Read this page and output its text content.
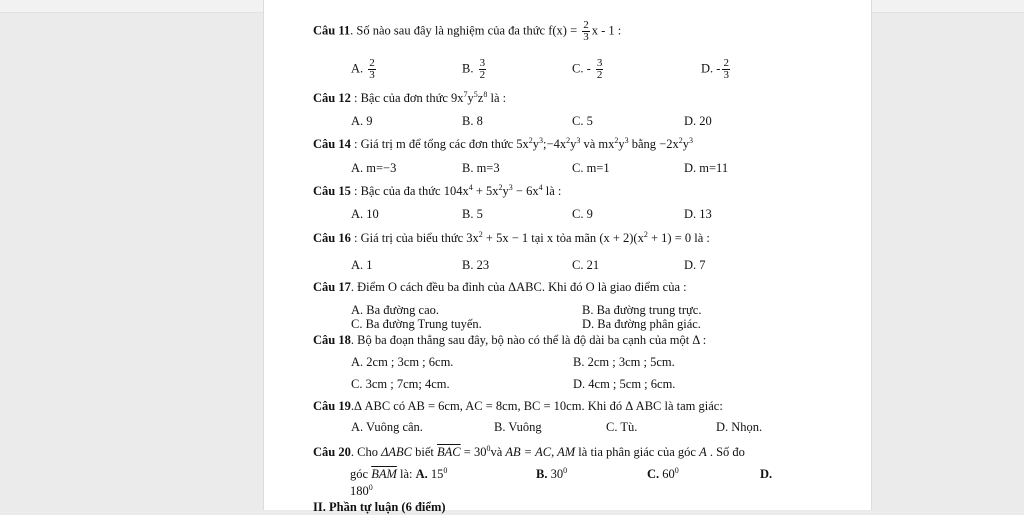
Câu 11. Số nào sau đây là nghiệm của đa thức $f(x) = \frac{2}{3}$ x - 1 :
A. $\frac{2}{3}$	B. $\frac{3}{2}$	C. - $\frac{3}{2}$	D. - $\frac{2}{3}$
Câu 12 : Bậc của đơn thức $9x^7y^5z^8$ là :
A. 9	B. 8	C. 5	D. 20
Câu 14 : Giá trị m để tổng các đơn thức $5x^2y^3;-4x^2y^3$ và $mx^2y^3$ bằng $-2x^2y^3$
A. m=−3	B. m=3	C. m=1	D. m=11
Câu 15 : Bậc của đa thức $104x^4 + 5x^2y^3 - 6x^4$ là :
A. 10	B. 5	C. 9	D. 13
Câu 16 : Giá trị của biểu thức $3x^2 + 5x - 1$ tại x tỏa mãn $(x + 2)(x^2 + 1) = 0$ là :
A. 1	B. 23	C. 21	D. 7
Câu 17. Điểm O cách đều ba đỉnh của ΔABC. Khi đó O là giao điểm của :
A. Ba đường cao.	B. Ba đường trung trực.
C. Ba đường Trung tuyến.	D. Ba đường phân giác.
Câu 18. Bộ ba đoạn thẳng sau đây, bộ nào có thể là độ dài ba cạnh của một Δ :
A. 2cm ; 3cm ; 6cm.	B. 2cm ; 3cm ; 5cm.
C. 3cm ; 7cm; 4cm.	D. 4cm ; 5cm ; 6cm.
Câu 19.Δ ABC có AB = 6cm, AC = 8cm, BC = 10cm. Khi đó Δ ABC là tam giác:
A. Vuông cân.	B. Vuông	C. Tù.	D. Nhọn.
Câu 20. Cho ΔABC biết $\overline{BAC}$ = $30^0và$ AB = AC, AM là tia phân giác của góc A . Số đo
góc $\overline{BAM}$ là: A. $15^0$	B. $30^0$	C. $60^0$	D.
$180^0$
II. Phần tự luận (6 điểm)
